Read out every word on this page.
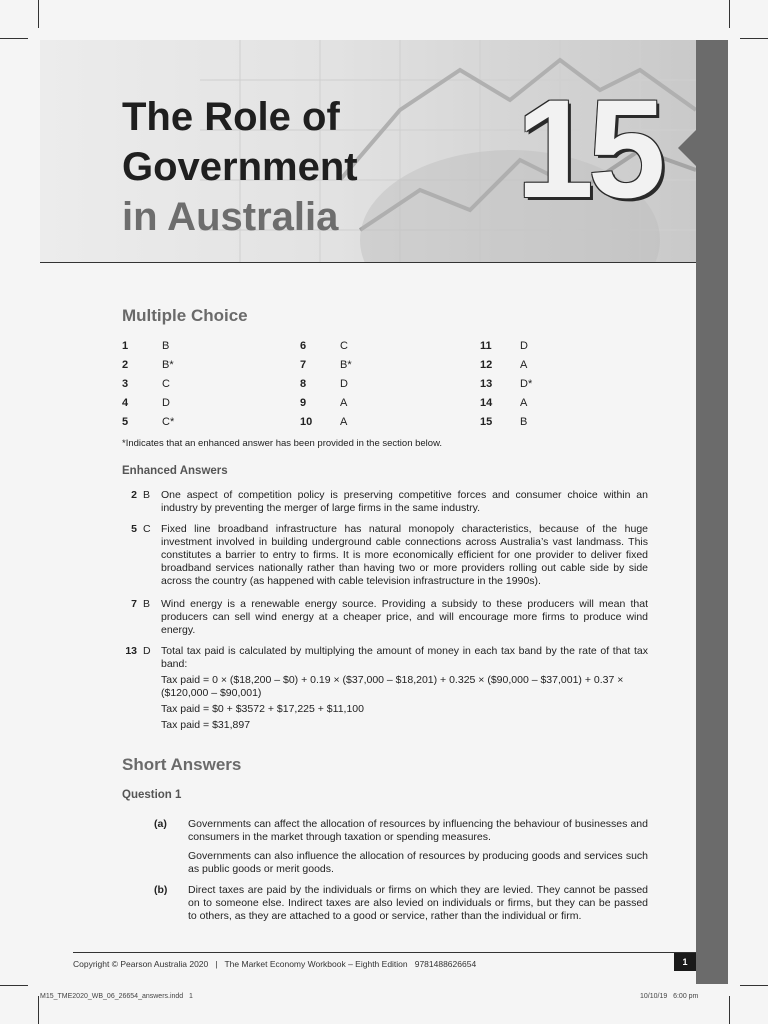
The Role of
Government
in Australia 15
Multiple Choice
1	B	6	C	11	D
2	B*	7	B*	12	A
3	C	8	D	13	D*
4	D	9	A	14	A
5	C*	10	A	15	B
*Indicates that an enhanced answer has been provided in the section below.
Enhanced Answers
2 B One aspect of competition policy is preserving competitive forces and consumer choice within an industry by preventing the merger of large firms in the same industry.

5 C Fixed line broadband infrastructure has natural monopoly characteristics, because of the huge investment involved in building underground cable connections across Australia’s vast landmass. This constitutes a barrier to entry to firms. It is more economically efficient for one provider to deliver fixed broadband services nationally rather than having two or more providers rolling out cable side by side across the country (as happened with cable television infrastructure in the 1990s).

7 B Wind energy is a renewable energy source. Providing a subsidy to these producers will mean that producers can sell wind energy at a cheaper price, and will encourage more firms to produce wind energy.

13 D Total tax paid is calculated by multiplying the amount of money in each tax band by the rate of that tax band:

Tax paid = 0 × ($18,200 – $0) + 0.19 × ($37,000 – $18,201) + 0.325 × ($90,000 – $37,001) + 0.37 × ($120,000 – $90,001)

Tax paid = $0 + $3572 + $17,225 + $11,100

Tax paid = $31,897

Short Answers
Question 1
(a) Governments can affect the allocation of resources by influencing the behaviour of businesses and consumers in the market through taxation or spending measures.

Governments can also influence the allocation of resources by producing goods and services such as public goods or merit goods.

(b) Direct taxes are paid by the individuals or firms on which they are levied. They cannot be passed on to someone else. Indirect taxes are also levied on individuals or firms, but they can be passed to others, as they are attached to a good or service, rather than the individual or firm.

Copyright © Pearson Australia 2020   |   The Market Economy Workbook – Eighth Edition   9781488626654	1
M15_TME2020_WB_06_26654_answers.indd   1	10/10/19   6:00 pm
